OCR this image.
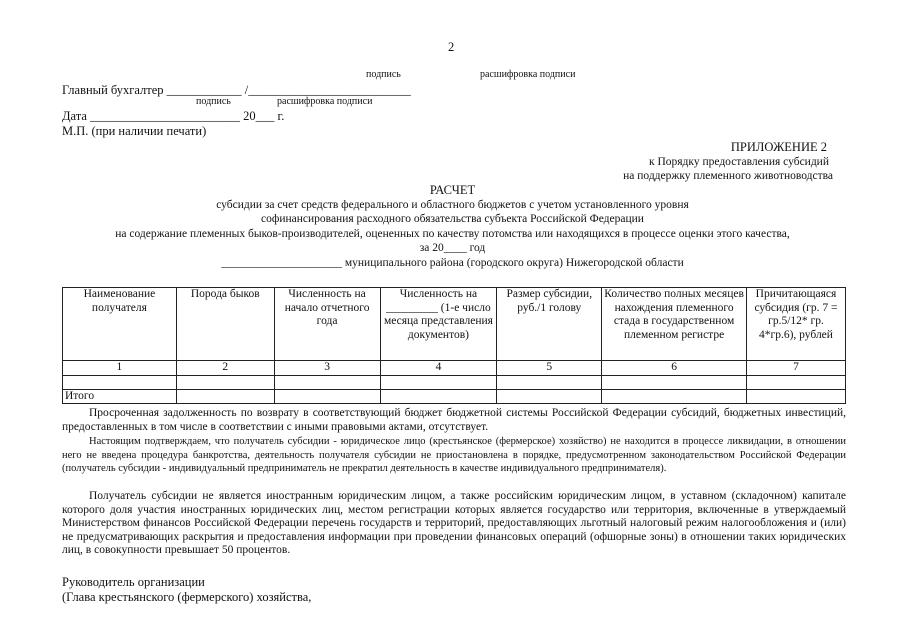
2
подпись	расшифровка подписи
Главный бухгалтер ____________ /__________________________
подпись	расшифровка подписи
Дата ________________________ 20___ г.
М.П. (при наличии печати)
ПРИЛОЖЕНИЕ 2
к Порядку предоставления субсидий
на поддержку племенного животноводства
РАСЧЕТ
субсидии за счет средств федерального и областного бюджетов с учетом установленного уровня
софинансирования расходного обязательства субъекта Российской Федерации
на содержание племенных быков-производителей, оцененных по качеству потомства или находящихся в процессе оценки этого качества,
за 20____ год
_____________________ муниципального района (городского округа) Нижегородской области
Наименование получателя	Порода быков	Численность на начало отчетного года	Численность на _________ (1-е число месяца представления документов)	Размер субсидии, руб./1 голову	Количество полных месяцев нахождения племенного стада в государственном племенном регистре	Причитающаяся субсидия (гр. 7 = гр.5/12* гр. 4*гр.6), рублей
1	2	3	4	5	6	7

Итого						
Просроченная задолженность по возврату в соответствующий бюджет бюджетной системы Российской Федерации субсидий, бюджетных инвестиций, предоставленных в том числе в соответствии с иными правовыми актами, отсутствует.
Настоящим подтверждаем, что получатель субсидии - юридическое лицо (крестьянское (фермерское) хозяйство) не находится в процессе ликвидации, в отношении него не введена процедура банкротства, деятельность получателя субсидии не приостановлена в порядке, предусмотренном законодательством Российской Федерации (получатель субсидии - индивидуальный предприниматель не прекратил деятельность в качестве индивидуального предпринимателя).
Получатель субсидии не является иностранным юридическим лицом, а также российским юридическим лицом, в уставном (складочном) капитале которого доля участия иностранных юридических лиц, местом регистрации которых является государство или территория, включенные в утверждаемый Министерством финансов Российской Федерации перечень государств и территорий, предоставляющих льготный налоговый режим налогообложения и (или) не предусматривающих раскрытия и предоставления информации при проведении финансовых операций (офшорные зоны) в отношении таких юридических лиц, в совокупности превышает 50 процентов.
Руководитель организации
(Глава крестьянского (фермерского) хозяйства,
